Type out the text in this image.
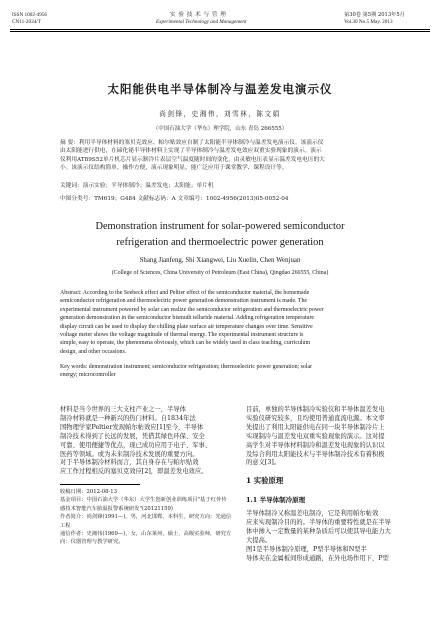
ISSN 1002-4956
CN11-2034/T
实 验 技 术 与 管 理
Experimental Technology and Management
第30卷 第5期 2013年5月
Vol.30 No.5 May. 2013
太阳能供电半导体制冷与温差发电演示仪
尚剑锋，史湘伟，刘雪林，陈文娟
（中国石油大学（华东）理学院，山东 青岛 266555）
摘 要：利用半导体材料的塞贝克效应、帕尔贴效应自制了太阳能半导体制冷与温差发电演示仪。该演示仪
由太阳能进行供电，在碲化铋半导体材料上实现了半导体制冷与温差发电效应双重实验现象的演示。演示
仪利用AT89S52单片机芯片显示制冷片表层空气温度随时间的变化，由灵敏电压表显示温差发电电压的大
小。该演示仪结构简单，操作方便，演示现象明显，能广泛应用于课堂教学、课程设计等。
关键词：演示实验；半导体制冷；温差发电；太阳能；单片机
中图分类号：TM619；G484 文献标志码：A 文章编号：1002-4956(2013)05-0052-04
Demonstration instrument for solar-powered semiconductor
refrigeration and thermoelectric power generation
Shang Jianfeng, Shi Xiangwei, Liu Xuelin, Chen Wenjuan
(College of Sciences, China University of Petroleum (East China), Qingdao 266555, China)
Abstract: According to the Seebeck effect and Peltier effect of the semiconductor material, the homemade
semiconductor refrigeration and thermoelectric power generation demonstration instrument is made. The
experimental instrument powered by solar can realize the semiconductor refrigeration and thermoelectric power
generation demonstration in the semiconductor bismuth telluride material. Adding refrigeration temperature
display circuit can be used to display the chilling plate surface air temperature changes over time. Sensitive
voltage meter shows the voltage magnitude of thermal energy. The experimental instrument structure is
simple, easy to operate, the phenomena obviously, which can be widely used in class teaching, curriculum
design, and other occasions.
Key words: demonstration instrument; semiconductor refrigeration; thermoelectric power generation; solar
energy; microcontroller
材料是当今世界的三大支柱产业之一，半导体
制冷材料就是一种新兴的热门材料。自1834年法
国物理学家Peltier发现帕尔帖效应[1]至今，半导体
制冷技术得到了长远的发展，凭借其绿色环保、安全
可靠、使用便捷等优点，现已成功应用于电子、军事、
医药等领域。或为未来制冷技术发展的重要方向。
对于半导体制冷材料而言，其自身存在与帕尔贴效
应工作过程相反的塞贝克效应[2]，即温差发电效应。
收稿日期：2012-08-13
基金项目：中国石油大学（华东）大学生创新创业训练项目"基于红外传
感技术智能汽车胎温报警系统研发"(20121159)
作者简介：尚剑锋(1991—)，男，河北邯郸，本科生，研究方向：光通信
工程
通信作者：史湘伟(1969—)，女，山东莱州，硕士，高级实验师，研究方
向：仪器管理与教学研究。
目前，单独的半导体制冷实验仪和半导体温差发电
实验仪研究较多，且均使用普通直流电源。本文率
先提出了利用太阳能供电在同一块半导体制冷片上
实现制冷与温差发电双重实验现象的演示。这对提
高学生对半导体材料制冷和温差发电现象的认识以
及综合利用太阳能技术与半导体制冷技术有着积极
的意义[3]。
1 实验原理
1.1 半导体制冷原理
半导体制冷又称温差电制冷，它是利用帕尔帖效
应来实现制冷目的的。半导体的重要特性就是在半导
体中掺入一定数量的某种杂质后可以使其导电能力大
大提高。
图1是半导体制冷原理，P型半导体和N型半
导体夹在金属板间形成通路，在外电场作用下，P型
